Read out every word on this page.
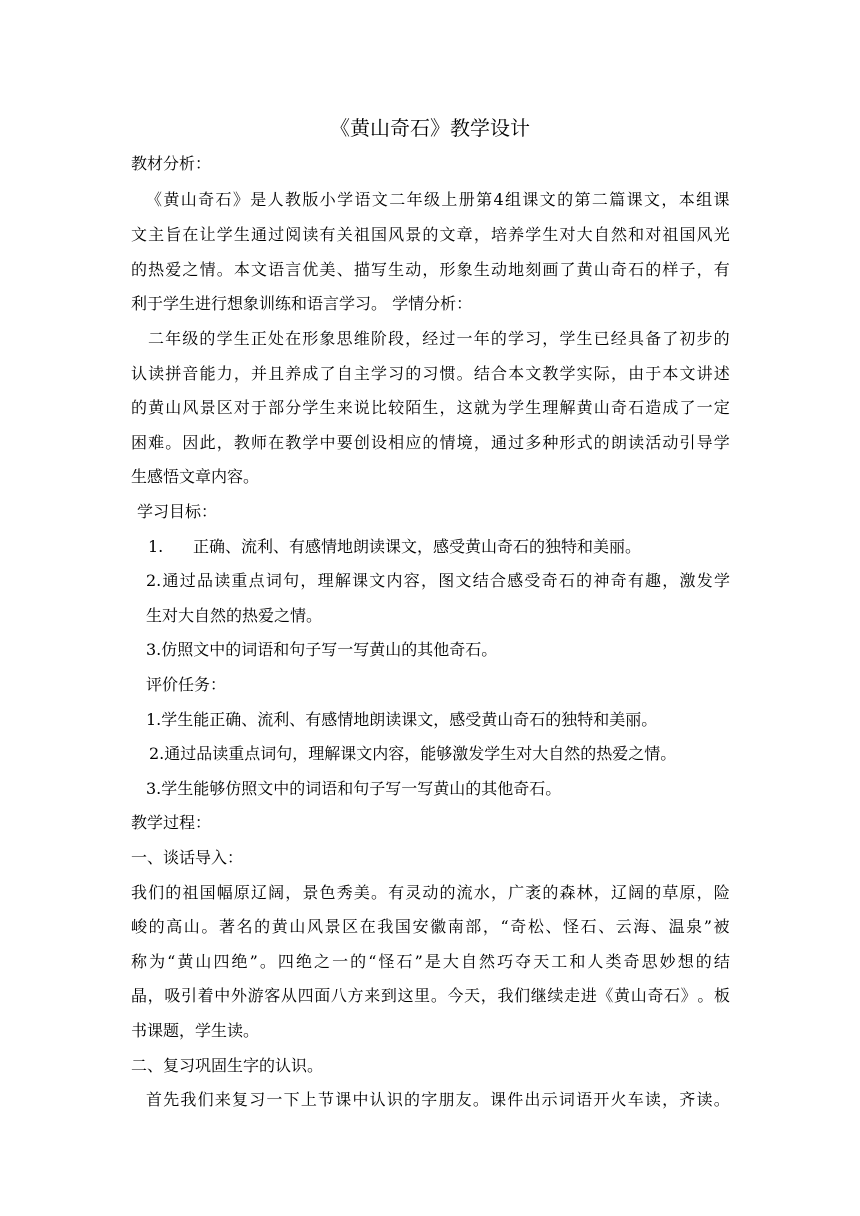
《黄山奇石》教学设计
教材分析：
《 黄 山 奇 石 》 是 人 教 版 小 学 语 文 二 年 级 上 册 第 4 组 课 文 的 第 二 篇 课 文 ， 本 组 课
文 主 旨 在 让 学 生 通 过 阅 读 有 关 祖 国 风 景 的 文 章 ， 培 养 学 生 对 大 自 然 和 对 祖 国 风 光
的 热 爱 之 情 。 本 文 语 言 优 美 、 描 写 生 动 ， 形 象 生 动 地 刻 画 了 黄 山 奇 石 的 样 子 ， 有
利于学生进行想象训练和语言学习。 学情分析：
二 年 级 的 学 生 正 处 在 形 象 思 维 阶 段 ， 经 过 一 年 的 学 习 ， 学 生 已 经 具 备 了 初 步 的
认 读 拼 音 能 力 ， 并 且 养 成 了 自 主 学 习 的 习 惯 。 结 合 本 文 教 学 实 际 ， 由 于 本 文 讲 述
的 黄 山 风 景 区 对 于 部 分 学 生 来 说 比 较 陌 生 ， 这 就 为 学 生 理 解 黄 山 奇 石 造 成 了 一 定
困 难 。 因 此 ， 教 师 在 教 学 中 要 创 设 相 应 的 情 境 ， 通 过 多 种 形 式 的 朗 读 活 动 引 导 学
生感悟文章内容。
学习目标：
1. 正确、流利、有感情地朗读课文，感受黄山奇石的独特和美丽。
2. 通 过 品 读 重 点 词 句 ， 理 解 课 文 内 容 ， 图 文 结 合 感 受 奇 石 的 神 奇 有 趣 ， 激 发 学
生对大自然的热爱之情。
3.仿照文中的词语和句子写一写黄山的其他奇石。
评价任务：
1.学生能正确、流利、有感情地朗读课文，感受黄山奇石的独特和美丽。
2.通过品读重点词句，理解课文内容，能够激发学生对大自然的热爱之情。
3.学生能够仿照文中的词语和句子写一写黄山的其他奇石。
教学过程：
一、谈话导入：
我 们 的 祖 国 幅 原 辽 阔 ， 景 色 秀 美 。 有 灵 动 的 流 水 ， 广 袤 的 森 林 ， 辽 阔 的 草 原 ， 险
峻 的 高 山 。 著 名 的 黄 山 风 景 区 在 我 国 安 徽 南 部 ， “ 奇 松 、 怪 石 、 云 海 、 温 泉 ” 被
称 为 “ 黄 山 四 绝 ” 。 四 绝 之 一 的 “ 怪 石 ” 是 大 自 然 巧 夺 天 工 和 人 类 奇 思 妙 想 的 结
晶 ， 吸 引 着 中 外 游 客 从 四 面 八 方 来 到 这 里 。 今 天 ， 我 们 继 续 走 进 《 黄 山 奇 石 》 。 板
书课题，学生读。
二、复习巩固生字的认识。
首 先 我 们 来 复 习 一 下 上 节 课 中 认 识 的 字 朋 友 。 课 件 出 示 词 语 开 火 车 读 ， 齐 读 。
